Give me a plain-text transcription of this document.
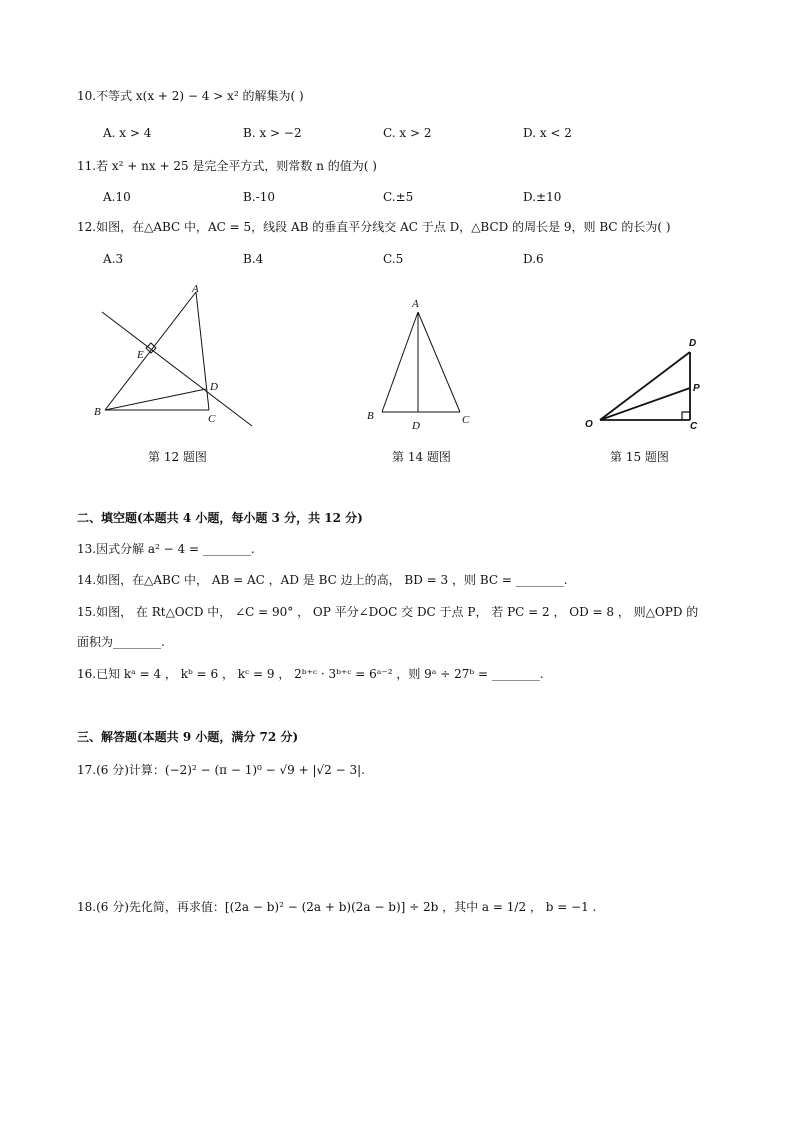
10.不等式 x(x + 2) − 4 > x² 的解集为( )
A. x > 4	B. x > −2	C. x > 2	D. x < 2
11.若 x² + nx + 25 是完全平方式，则常数 n 的值为( )
A.10	B.-10	C.±5	D.±10
12.如图，在△ABC 中，AC = 5，线段 AB 的垂直平分线交 AC 于点 D，△BCD 的周长是 9，则 BC 的长为( )
A.3	B.4	C.5	D.6
A
E
D
B
C
第 12 题图
A
B
D	C
第 14 题图
D
P
O	C
第 15 题图
二、填空题(本题共 4 小题，每小题 3 分，共 12 分)
13.因式分解 a² − 4 = ________.
14.如图，在△ABC 中， AB = AC ，AD 是 BC 边上的高， BD = 3 ，则 BC = ________.
15.如图， 在 Rt△OCD 中， ∠C = 90° ， OP 平分∠DOC 交 DC 于点 P， 若 PC = 2 ， OD = 8 ， 则△OPD 的
面积为________.
16.已知 kᵃ = 4 ， kᵇ = 6 ， kᶜ = 9 ， 2ᵇ⁺ᶜ · 3ᵇ⁺ᶜ = 6ᵃ⁻² ，则 9ᵃ ÷ 27ᵇ = ________.
三、解答题(本题共 9 小题，满分 72 分)
17.(6 分)计算：(−2)² − (π − 1)⁰ − √9 + |√2 − 3|.
18.(6 分)先化简，再求值：[(2a − b)² − (2a + b)(2a − b)] ÷ 2b ，其中 a = 1/2 ， b = −1 .
